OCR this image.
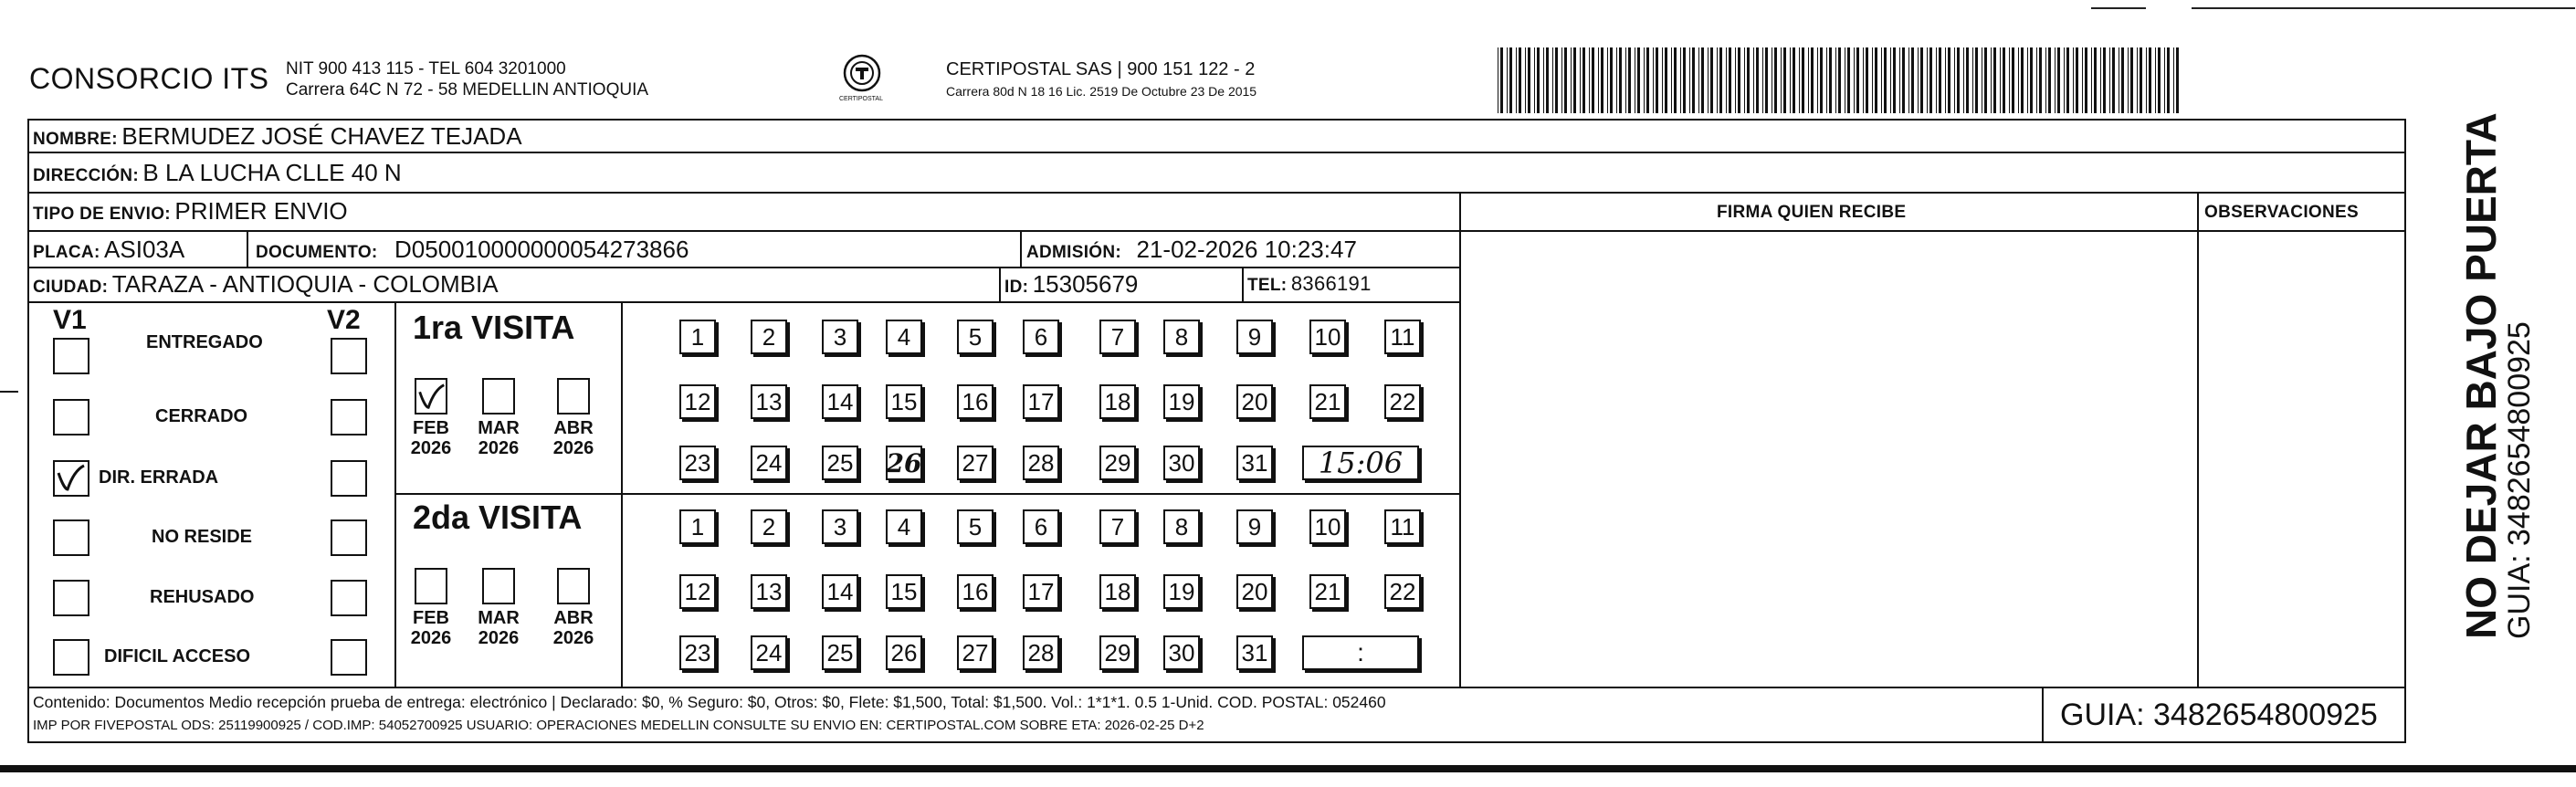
CONSORCIO ITS NIT 900 413 115 - TEL 604 3201000
Carrera 64C N 72 - 58 MEDELLIN ANTIOQUIA	CERTIPOSTAL
CERTIPOSTAL SAS | 900 151 122 - 2
Carrera 80d N 18 16 Lic. 2519 De Octubre 23 De 2015
NOMBRE: BERMUDEZ JOSÉ CHAVEZ TEJADA
DIRECCIÓN: B LA LUCHA CLLE 40 N
TIPO DE ENVIO: PRIMER ENVIO	FIRMA QUIEN RECIBE	OBSERVACIONES
PLACA: ASI03A	DOCUMENTO: D050010000000054273866	ADMISIÓN: 21-02-2026 10:23:47
CIUDAD: TARAZA - ANTIOQUIA - COLOMBIA	ID: 15305679	TEL: 8366191
V1	V2
ENTREGADO
CERRADO
DIR. ERRADA
NO RESIDE
REHUSADO
DIFICIL ACCESO
1ra VISITA
FEB
2026
MAR
2026
ABR
2026
1	2	3	4	5	6	7	8	9	10 11
12 13 14 15 16 17 18 19 20 21 22
23 24 25 26 27 28 29 30 31 15:06
2da VISITA
FEB
2026
MAR
2026
ABR
2026
1	2	3	4	5	6	7	8	9	10 11
12 13 14 15 16 17 18 19 20 21 22
23 24 25 26 27 28 29 30 31	:
Contenido: Documentos Medio recepción prueba de entrega: electrónico | Declarado: $0, % Seguro: $0, Otros: $0, Flete: $1,500, Total: $1,500. Vol.: 1*1*1. 0.5 1-Unid. COD. POSTAL: 052460
IMP POR FIVEPOSTAL ODS: 25119900925 / COD.IMP: 54052700925 USUARIO: OPERACIONES MEDELLIN CONSULTE SU ENVIO EN: CERTIPOSTAL.COM SOBRE ETA: 2026-02-25 D+2	GUIA: 3482654800925
NO DEJAR BAJO PUERTA
GUIA: 3482654800925
